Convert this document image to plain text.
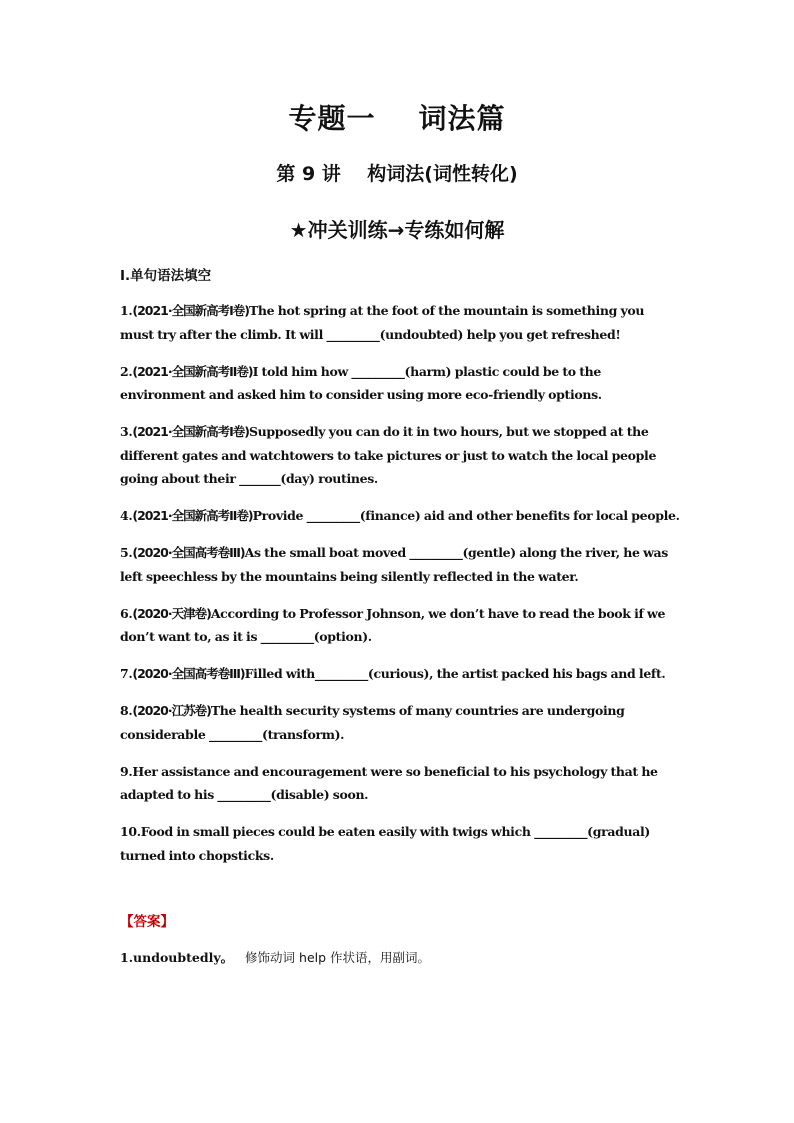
专题一    词法篇
第 9 讲    构词法(词性转化)
★冲关训练→专练如何解
Ⅰ.单句语法填空

1.(2021·全国新高考Ⅰ卷)The hot spring at the foot of the mountain is something you must try after the climb. It will _________(undoubted) help you get refreshed!

2.(2021·全国新高考Ⅱ卷)I told him how _________(harm) plastic could be to the environment and asked him to consider using more eco-friendly options.

3.(2021·全国新高考Ⅰ卷)Supposedly you can do it in two hours, but we stopped at the different gates and watchtowers to take pictures or just to watch the local people going about their _______(day) routines.

4.(2021·全国新高考Ⅱ卷)Provide _________(finance) aid and other benefits for local people.

5.(2020·全国高考卷Ⅲ)As the small boat moved _________(gentle) along the river, he was left speechless by the mountains being silently reflected in the water.

6.(2020·天津卷)According to Professor Johnson, we don’t have to read the book if we don’t want to, as it is _________(option).

7.(2020·全国高考卷Ⅲ)Filled with_________(curious), the artist packed his bags and left.

8.(2020·江苏卷)The health security systems of many countries are undergoing considerable _________(transform).

9.Her assistance and encouragement were so beneficial to his psychology that he adapted to his _________(disable) soon.

10.Food in small pieces could be eaten easily with twigs which _________(gradual) turned into chopsticks.

【答案】
1.undoubtedly。   修饰动词 help 作状语，用副词。
